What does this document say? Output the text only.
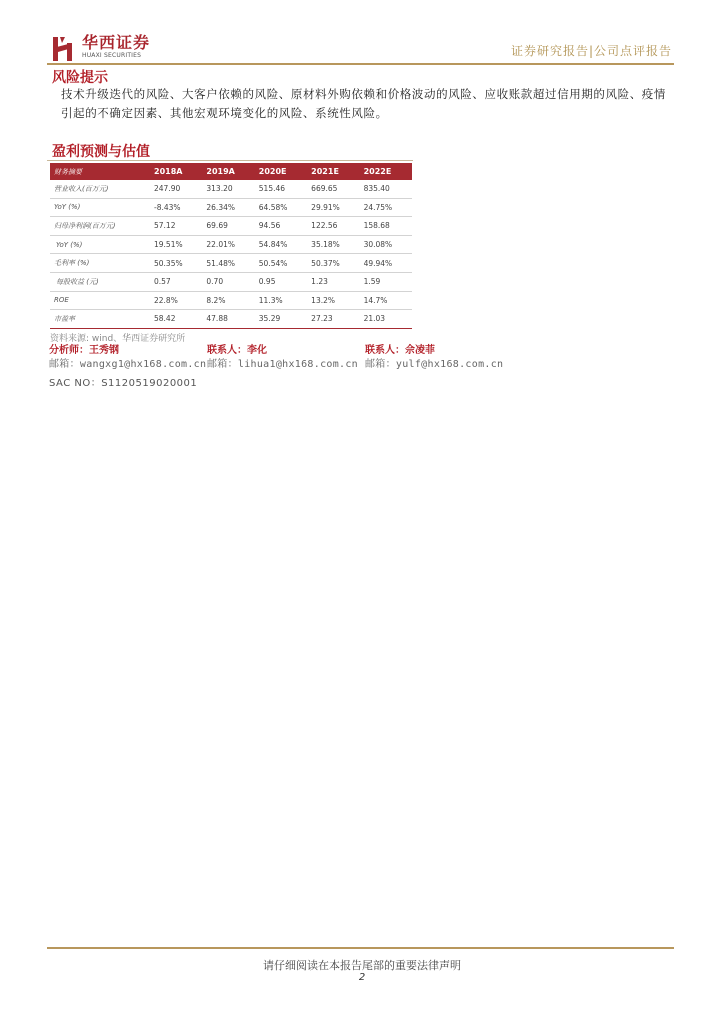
华西证券
HUAXI SECURITIES	证券研究报告|公司点评报告
风险提示
技术升级迭代的风险、大客户依赖的风险、原材料外购依赖和价格波动的风险、应收账款超过信用期的风险、疫情引起的不确定因素、其他宏观环境变化的风险、系统性风险。
盈利预测与估值
财务摘要	2018A	2019A	2020E	2021E	2022E
营业收入(百万元)	247.90	313.20	515.46	669.65	835.40
YoY (%)	-8.43%	26.34%	64.58%	29.91%	24.75%
归母净利润(百万元)	57.12	69.69	94.56	122.56	158.68
YoY (%)	19.51%	22.01%	54.84%	35.18%	30.08%
毛利率 (%)	50.35%	51.48%	50.54%	50.37%	49.94%
每股收益 (元)	0.57	0.70	0.95	1.23	1.59
ROE	22.8%	8.2%	11.3%	13.2%	14.7%
市盈率	58.42	47.88	35.29	27.23	21.03
资料来源: wind、华西证券研究所
分析师：王秀钢
邮箱：wangxg1@hx168.com.cn
联系人：李化
邮箱：lihua1@hx168.com.cn
联系人：佘凌菲
邮箱：yulf@hx168.com.cn
SAC NO：S1120519020001
请仔细阅读在本报告尾部的重要法律声明
2
